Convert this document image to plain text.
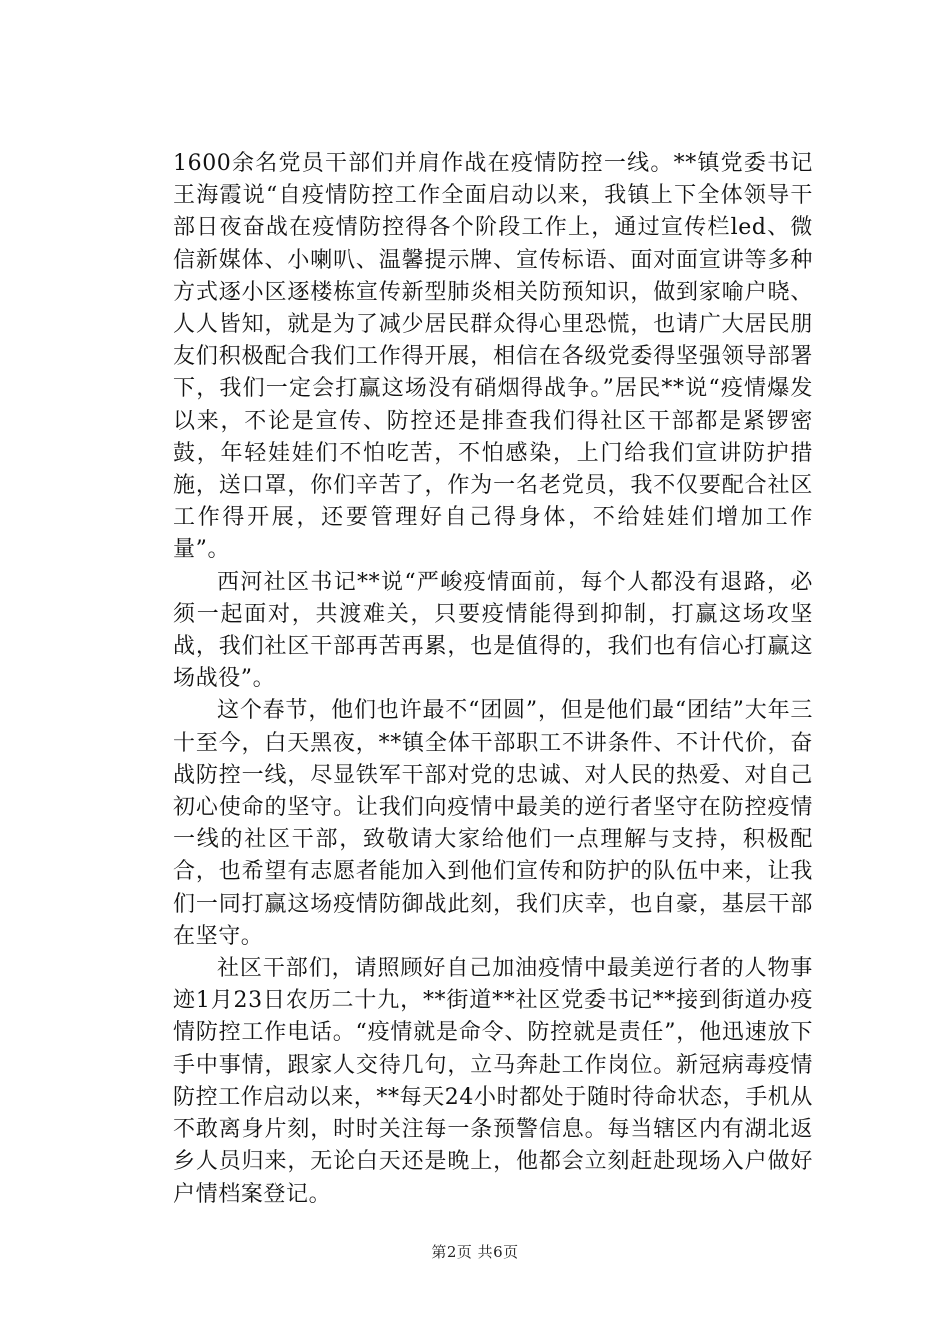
1600余名党员干部们并肩作战在疫情防控一线。**镇党委书记王海霞说“自疫情防控工作全面启动以来，我镇上下全体领导干部日夜奋战在疫情防控得各个阶段工作上，通过宣传栏led、微信新媒体、小喇叭、温馨提示牌、宣传标语、面对面宣讲等多种方式逐小区逐楼栋宣传新型肺炎相关防预知识，做到家喻户晓、人人皆知，就是为了减少居民群众得心里恐慌，也请广大居民朋友们积极配合我们工作得开展，相信在各级党委得坚强领导部署下，我们一定会打赢这场没有硝烟得战争。”居民**说“疫情爆发以来，不论是宣传、防控还是排查我们得社区干部都是紧锣密鼓，年轻娃娃们不怕吃苦，不怕感染，上门给我们宣讲防护措施，送口罩，你们辛苦了，作为一名老党员，我不仅要配合社区工作得开展，还要管理好自己得身体，不给娃娃们增加工作量”。

西河社区书记**说“严峻疫情面前，每个人都没有退路，必须一起面对，共渡难关，只要疫情能得到抑制，打赢这场攻坚战，我们社区干部再苦再累，也是值得的，我们也有信心打赢这场战役”。

这个春节，他们也许最不“团圆”，但是他们最“团结”大年三十至今，白天黑夜，**镇全体干部职工不讲条件、不计代价，奋战防控一线，尽显铁军干部对党的忠诚、对人民的热爱、对自己初心使命的坚守。让我们向疫情中最美的逆行者坚守在防控疫情一线的社区干部，致敬请大家给他们一点理解与支持，积极配合，也希望有志愿者能加入到他们宣传和防护的队伍中来，让我们一同打赢这场疫情防御战此刻，我们庆幸，也自豪，基层干部在坚守。

社区干部们，请照顾好自己加油疫情中最美逆行者的人物事迹1月23日农历二十九，**街道**社区党委书记**接到街道办疫情防控工作电话。“疫情就是命令、防控就是责任”，他迅速放下手中事情，跟家人交待几句，立马奔赴工作岗位。新冠病毒疫情防控工作启动以来，**每天24小时都处于随时待命状态，手机从不敢离身片刻，时时关注每一条预警信息。每当辖区内有湖北返乡人员归来，无论白天还是晚上，他都会立刻赶赴现场入户做好户情档案登记。

第2页 共6页
